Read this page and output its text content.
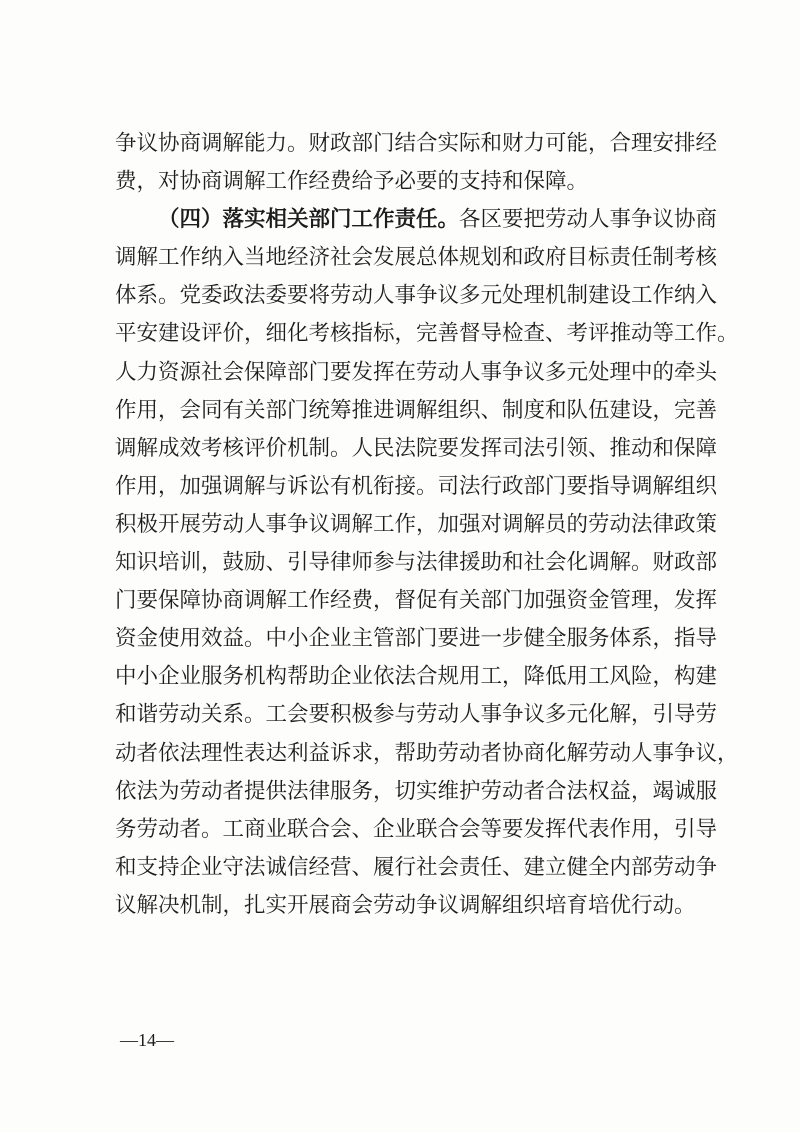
争议协商调解能力。财政部门结合实际和财力可能，合理安排经
费，对协商调解工作经费给予必要的支持和保障。
（四）落实相关部门工作责任。各区要把劳动人事争议协商
调解工作纳入当地经济社会发展总体规划和政府目标责任制考核
体系。党委政法委要将劳动人事争议多元处理机制建设工作纳入
平安建设评价，细化考核指标，完善督导检查、考评推动等工作。
人力资源社会保障部门要发挥在劳动人事争议多元处理中的牵头
作用，会同有关部门统筹推进调解组织、制度和队伍建设，完善
调解成效考核评价机制。人民法院要发挥司法引领、推动和保障
作用，加强调解与诉讼有机衔接。司法行政部门要指导调解组织
积极开展劳动人事争议调解工作，加强对调解员的劳动法律政策
知识培训，鼓励、引导律师参与法律援助和社会化调解。财政部
门要保障协商调解工作经费，督促有关部门加强资金管理，发挥
资金使用效益。中小企业主管部门要进一步健全服务体系，指导
中小企业服务机构帮助企业依法合规用工，降低用工风险，构建
和谐劳动关系。工会要积极参与劳动人事争议多元化解，引导劳
动者依法理性表达利益诉求，帮助劳动者协商化解劳动人事争议，
依法为劳动者提供法律服务，切实维护劳动者合法权益，竭诚服
务劳动者。工商业联合会、企业联合会等要发挥代表作用，引导
和支持企业守法诚信经营、履行社会责任、建立健全内部劳动争
议解决机制，扎实开展商会劳动争议调解组织培育培优行动。
—14—
